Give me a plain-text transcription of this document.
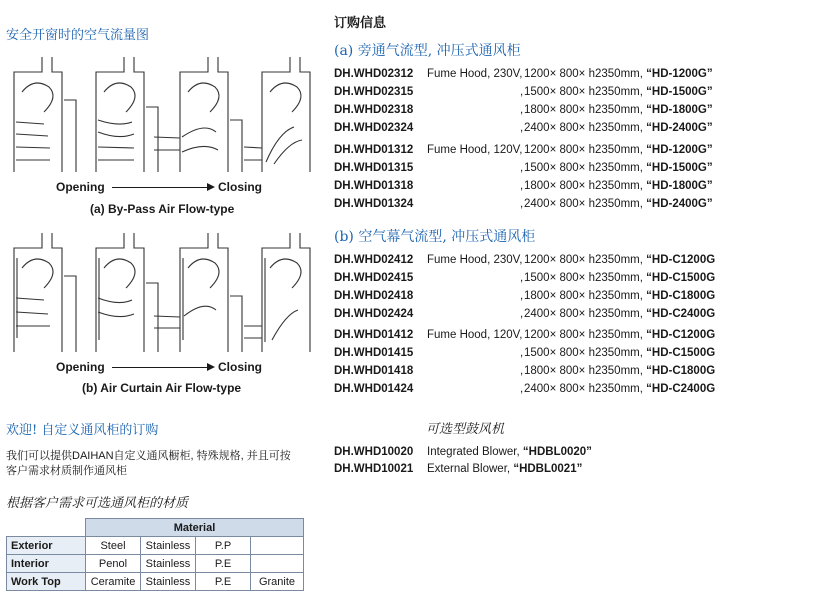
安全开窗时的空气流量图
Opening	Closing
(a) By-Pass Air Flow-type
Opening	Closing
(b) Air Curtain Air Flow-type
欢迎! 自定义通风柜的订购
我们可以提供DAIHAN自定义通风橱柜, 特殊规格, 并且可按
客户需求材质制作通风柜
根据客户需求可选通风柜的材质
	Material			
Exterior	Steel	Stainless	P.P	
Interior	Penol	Stainless	P.E	
Work Top	Ceramite	Stainless	P.E	Granite
订购信息
(a) 旁通气流型, 冲压式通风柜
DH.WHD02312 Fume Hood, 230V, 1200× 800× h2350mm, “HD-1200G”
DH.WHD02315	, 1500× 800× h2350mm, “HD-1500G”
DH.WHD02318	, 1800× 800× h2350mm, “HD-1800G”
DH.WHD02324	, 2400× 800× h2350mm, “HD-2400G”
DH.WHD01312 Fume Hood, 120V, 1200× 800× h2350mm, “HD-1200G”
DH.WHD01315	, 1500× 800× h2350mm, “HD-1500G”
DH.WHD01318	, 1800× 800× h2350mm, “HD-1800G”
DH.WHD01324	, 2400× 800× h2350mm, “HD-2400G”
(b) 空气幕气流型, 冲压式通风柜
DH.WHD02412 Fume Hood, 230V, 1200× 800× h2350mm, “HD-C1200G
DH.WHD02415	, 1500× 800× h2350mm, “HD-C1500G
DH.WHD02418	, 1800× 800× h2350mm, “HD-C1800G
DH.WHD02424	, 2400× 800× h2350mm, “HD-C2400G
DH.WHD01412 Fume Hood, 120V, 1200× 800× h2350mm, “HD-C1200G
DH.WHD01415	, 1500× 800× h2350mm, “HD-C1500G
DH.WHD01418	, 1800× 800× h2350mm, “HD-C1800G
DH.WHD01424	, 2400× 800× h2350mm, “HD-C2400G
可选型鼓风机
DH.WHD10020 Integrated Blower, “HDBL0020”
DH.WHD10021 External Blower, “HDBL0021”
